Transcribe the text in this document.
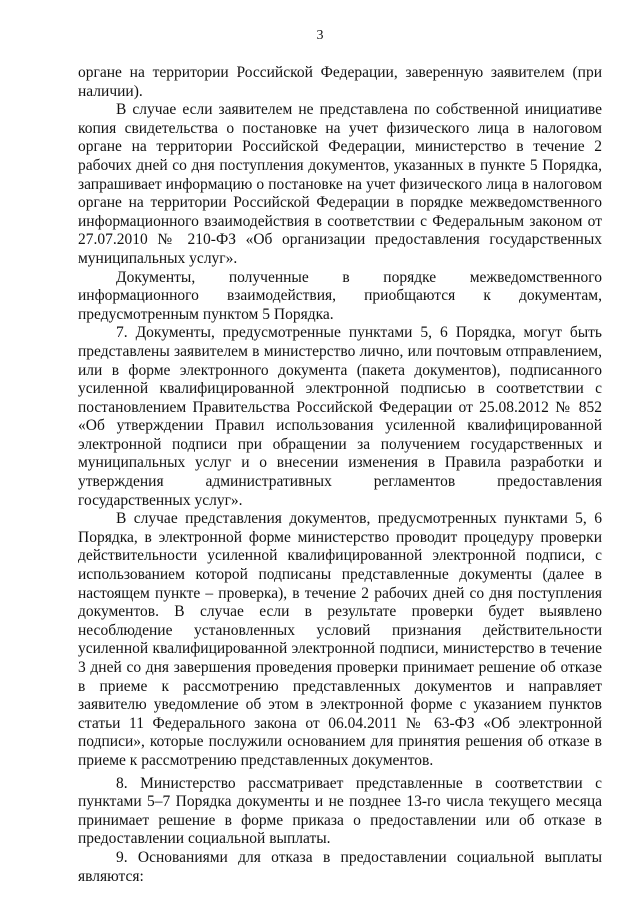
3

органе на территории Российской Федерации, заверенную заявителем (при наличии).

В случае если заявителем не представлена по собственной инициативе копия свидетельства о постановке на учет физического лица в налоговом органе на территории Российской Федерации, министерство в течение 2 рабочих дней со дня поступления документов, указанных в пункте 5 Порядка, запрашивает информацию о постановке на учет физического лица в налоговом органе на территории Российской Федерации в порядке межведомственного информационного взаимодействия в соответствии с Федеральным законом от 27.07.2010 № 210-ФЗ «Об организации предоставления государственных муниципальных услуг».

Документы, полученные в порядке межведомственного информационного взаимодействия, приобщаются к документам, предусмотренным пунктом 5 Порядка.

7. Документы, предусмотренные пунктами 5, 6 Порядка, могут быть представлены заявителем в министерство лично, или почтовым отправлением, или в форме электронного документа (пакета документов), подписанного усиленной квалифицированной электронной подписью в соответствии с постановлением Правительства Российской Федерации от 25.08.2012 № 852 «Об утверждении Правил использования усиленной квалифицированной электронной подписи при обращении за получением государственных и муниципальных услуг и о внесении изменения в Правила разработки и утверждения административных регламентов предоставления государственных услуг».

В случае представления документов, предусмотренных пунктами 5, 6 Порядка, в электронной форме министерство проводит процедуру проверки действительности усиленной квалифицированной электронной подписи, с использованием которой подписаны представленные документы (далее в настоящем пункте – проверка), в течение 2 рабочих дней со дня поступления документов. В случае если в результате проверки будет выявлено несоблюдение установленных условий признания действительности усиленной квалифицированной электронной подписи, министерство в течение 3 дней со дня завершения проведения проверки принимает решение об отказе в приеме к рассмотрению представленных документов и направляет заявителю уведомление об этом в электронной форме с указанием пунктов статьи 11 Федерального закона от 06.04.2011 № 63-ФЗ «Об электронной подписи», которые послужили основанием для принятия решения об отказе в приеме к рассмотрению представленных документов.

8. Министерство рассматривает представленные в соответствии с пунктами 5–7 Порядка документы и не позднее 13-го числа текущего месяца принимает решение в форме приказа о предоставлении или об отказе в предоставлении социальной выплаты.

9. Основаниями для отказа в предоставлении социальной выплаты являются:
